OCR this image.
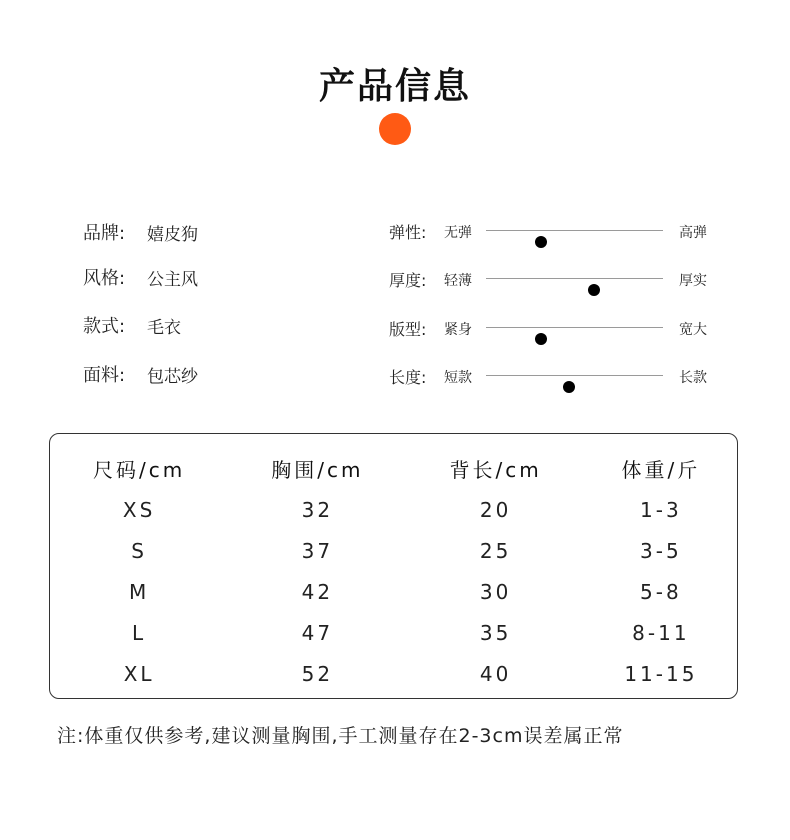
产品信息
品牌:	嬉皮狗
风格:	公主风
款式:	毛衣
面料:	包芯纱
弹性: 无弹	高弹
厚度: 轻薄	厚实
版型: 紧身	宽大
长度: 短款	长款
尺码/cm	胸围/cm	背长/cm	体重/斤
XS	32	20	1-3
S	37	25	3-5
M	42	30	5-8
L	47	35	8-11
XL	52	40	11-15
注:体重仅供参考,建议测量胸围,手工测量存在2-3cm误差属正常
